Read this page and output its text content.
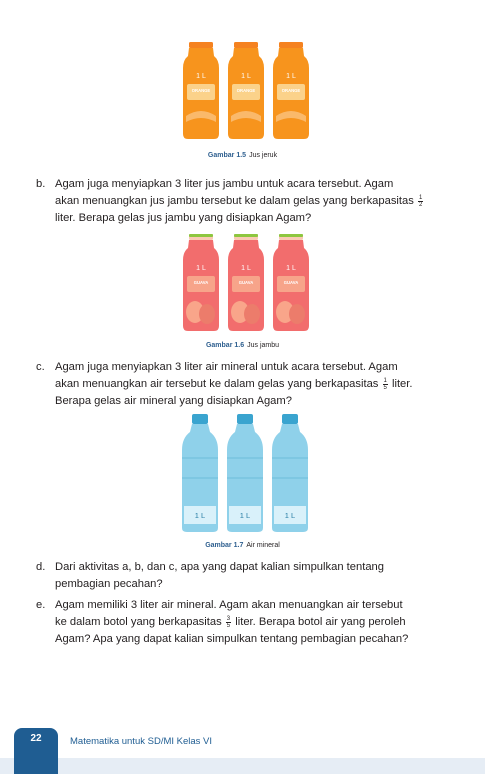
1 L
ORANGE
1 L
ORANGE
1 L
ORANGE
Gambar 1.5 Jus jeruk
b. Agam juga menyiapkan 3 liter jus jambu untuk acara tersebut. Agam
akan menuangkan jus jambu tersebut ke dalam gelas yang berkapasitas $\frac{1}{2}$
liter. Berapa gelas jus jambu yang disiapkan Agam?
1 L
GUAVA
1 L
GUAVA
1 L
GUAVA
Gambar 1.6 Jus jambu
c. Agam juga menyiapkan 3 liter air mineral untuk acara tersebut. Agam
akan menuangkan air tersebut ke dalam gelas yang berkapasitas $\frac{1}{5}$ liter.
Berapa gelas air mineral yang disiapkan Agam?
1 L	1 L	1 L
Gambar 1.7 Air mineral
d. Dari aktivitas a, b, dan c, apa yang dapat kalian simpulkan tentang
pembagian pecahan?
e. Agam memiliki 3 liter air mineral. Agam akan menuangkan air tersebut
ke dalam botol yang berkapasitas $\frac{3}{5}$ liter. Berapa botol air yang peroleh
Agam? Apa yang dapat kalian simpulkan tentang pembagian pecahan?
22	Matematika untuk SD/MI Kelas VI
